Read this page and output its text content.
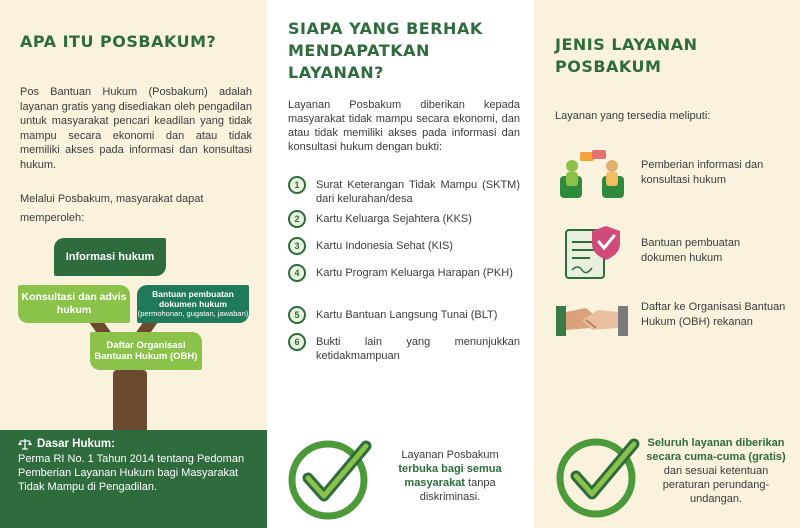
APA ITU POSBAKUM?

Pos Bantuan Hukum (Posbakum) adalah layanan gratis yang disediakan oleh pengadilan untuk masyarakat pencari keadilan yang tidak mampu secara ekonomi dan atau tidak memiliki akses pada informasi dan konsultasi hukum.

Melalui Posbakum, masyarakat dapat memperoleh:

Informasi hukum
Konsultasi dan advis hukum
Bantuan pembuatan dokumen hukum
(permohonan, gugatan, jawaban)
Daftar Organisasi Bantuan Hukum (OBH)
Dasar Hukum:

Perma RI No. 1 Tahun 2014 tentang Pedoman Pemberian Layanan Hukum bagi Masyarakat Tidak Mampu di Pengadilan.

SIAPA YANG BERHAK MENDAPATKAN LAYANAN?

Layanan Posbakum diberikan kepada masyarakat tidak mampu secara ekonomi, dan atau tidak memiliki akses pada informasi dan konsultasi hukum dengan bukti:

1	Surat Keterangan Tidak Mampu (SKTM) dari kelurahan/desa
2	Kartu Keluarga Sejahtera (KKS)
3	Kartu Indonesia Sehat (KIS)
4	Kartu Program Keluarga Harapan (PKH)
5	Kartu Bantuan Langsung Tunai (BLT)
6	Bukti lain yang menunjukkan ketidakmampuan

Layanan Posbakum terbuka bagi semua masyarakat tanpa diskriminasi.

JENIS LAYANAN POSBAKUM

Layanan yang tersedia meliputi:

Pemberian informasi dan konsultasi hukum

Bantuan pembuatan dokumen hukum

Daftar ke Organisasi Bantuan Hukum (OBH) rekanan

Seluruh layanan diberikan secara cuma-cuma (gratis) dan sesuai ketentuan peraturan perundang-undangan.
